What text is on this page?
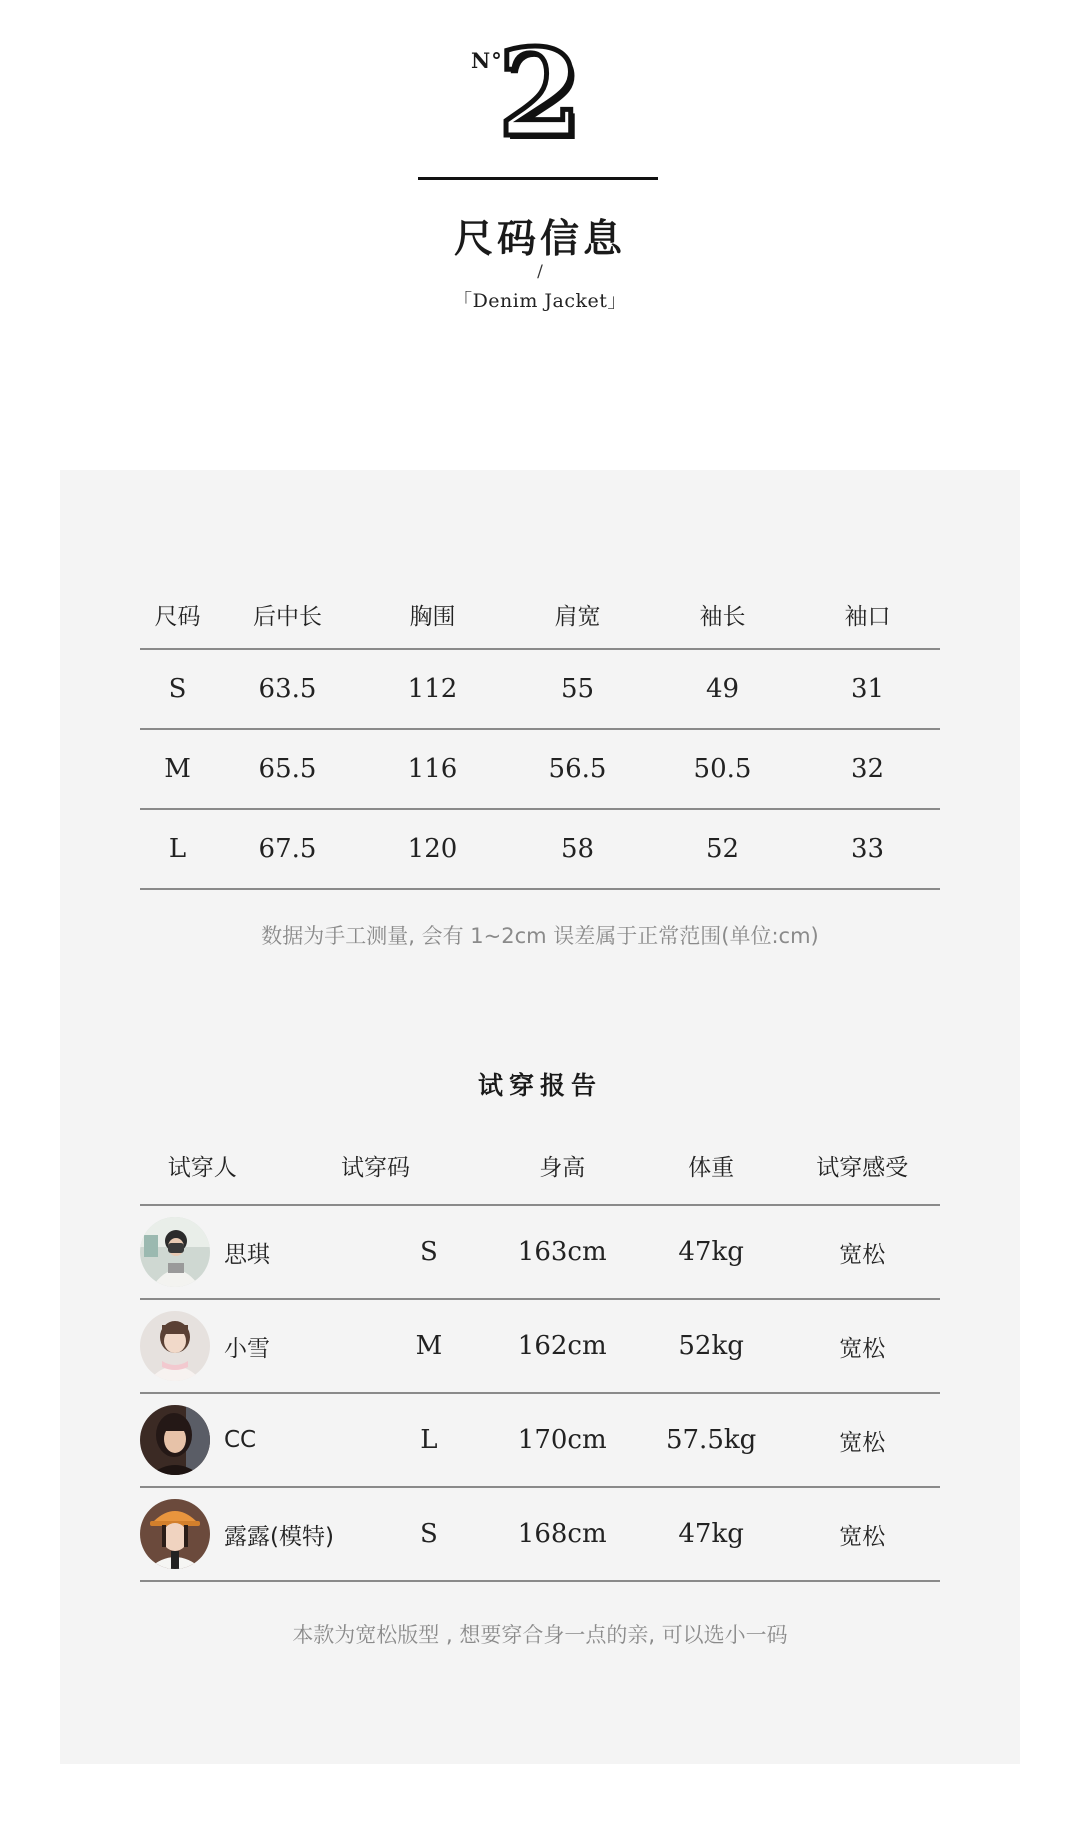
N°
2
尺码信息
/
「Denim Jacket」
尺码	后中长	胸围	肩宽	袖长	袖口
S	63.5	112	55	49	31
M	65.5	116	56.5	50.5	32
L	67.5	120	58	52	33
数据为手工测量, 会有 1~2cm 误差属于正常范围(单位:cm)
试穿报告
试穿人	试穿码	身高	体重	试穿感受
思琪	S	163cm	47kg	宽松
小雪	M	162cm	52kg	宽松
CC	L	170cm	57.5kg	宽松
露露(模特)	S	168cm	47kg	宽松
本款为宽松版型 , 想要穿合身一点的亲, 可以选小一码
